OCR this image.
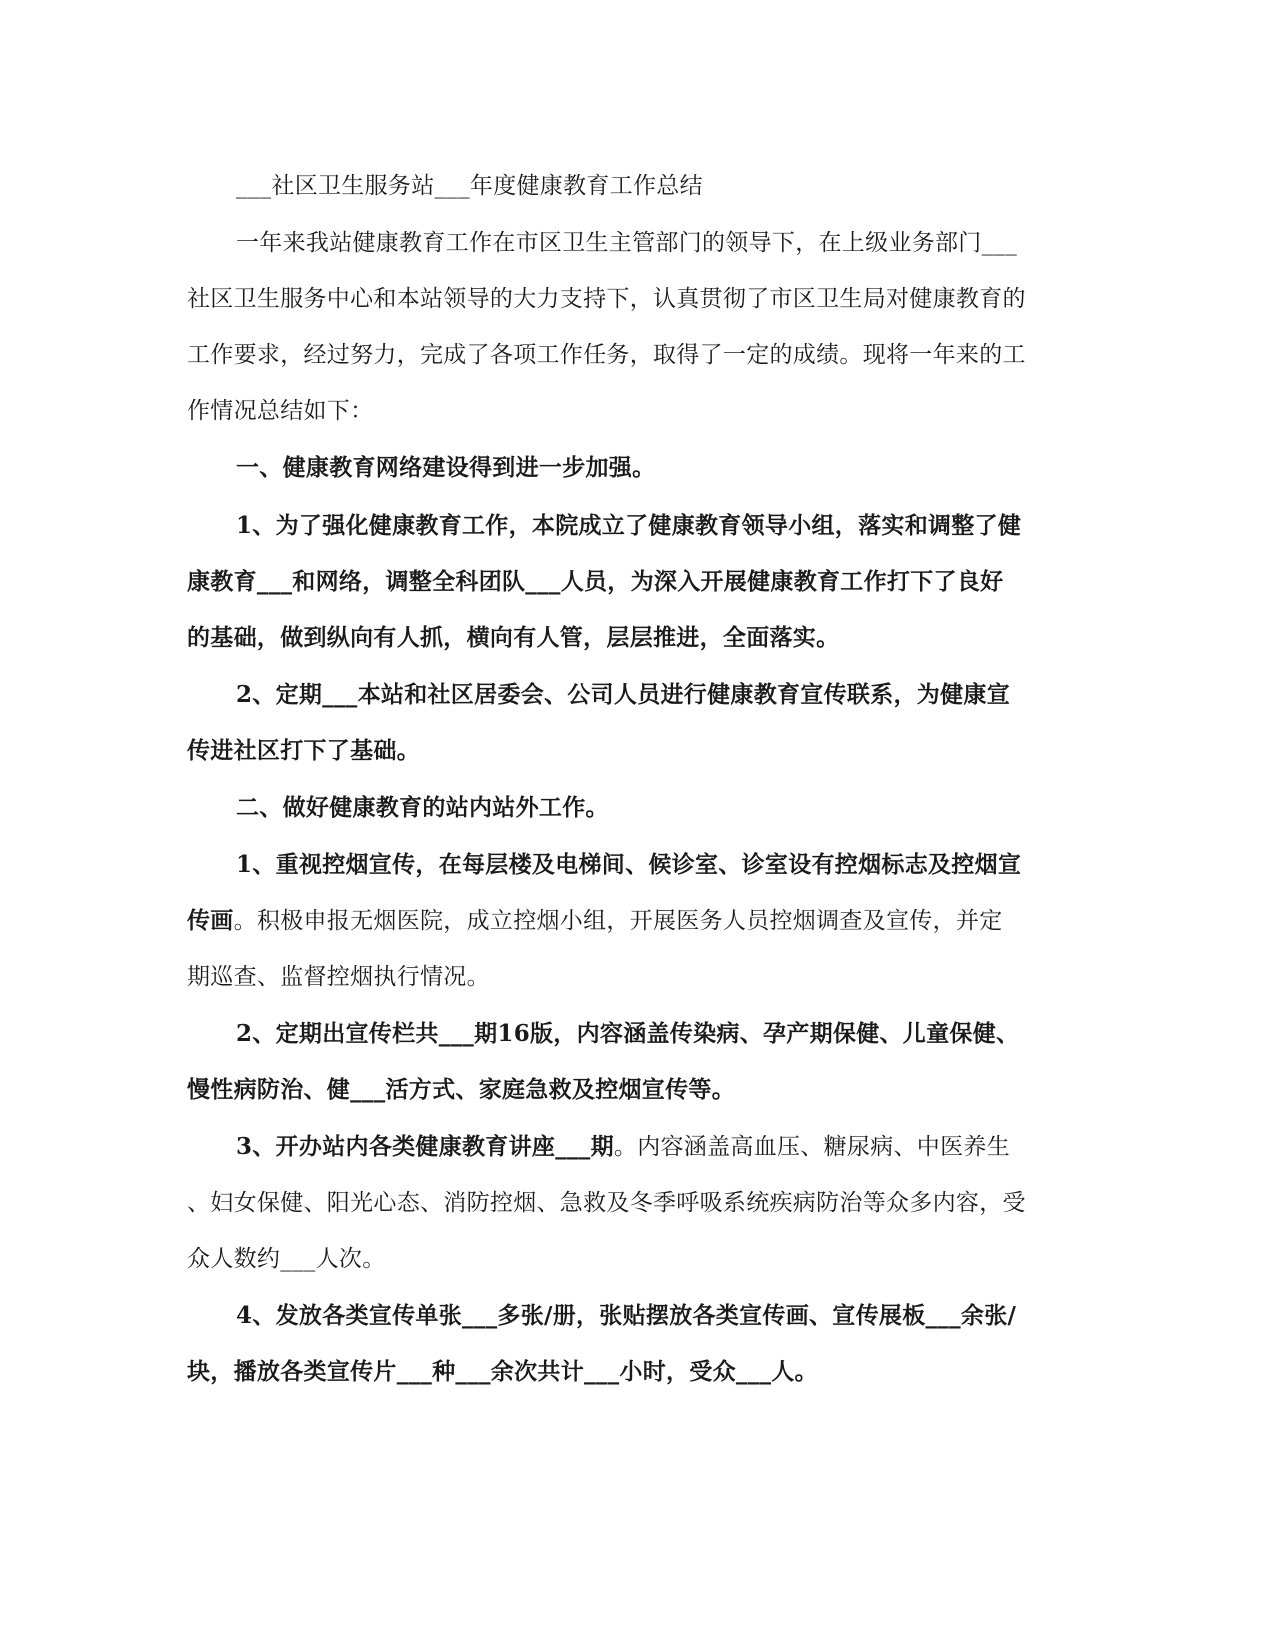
___社区卫生服务站___年度健康教育工作总结
一年来我站健康教育工作在市区卫生主管部门的领导下，在上级业务部门___
社区卫生服务中心和本站领导的大力支持下，认真贯彻了市区卫生局对健康教育的
工作要求，经过努力，完成了各项工作任务，取得了一定的成绩。现将一年来的工
作情况总结如下：
一、健康教育网络建设得到进一步加强。
1、为了强化健康教育工作，本院成立了健康教育领导小组，落实和调整了健
康教育___和网络，调整全科团队___人员，为深入开展健康教育工作打下了良好
的基础，做到纵向有人抓，横向有人管，层层推进，全面落实。
2、定期___本站和社区居委会、公司人员进行健康教育宣传联系，为健康宣
传进社区打下了基础。
二、做好健康教育的站内站外工作。
1、重视控烟宣传，在每层楼及电梯间、候诊室、诊室设有控烟标志及控烟宣
传画。积极申报无烟医院，成立控烟小组，开展医务人员控烟调查及宣传，并定
期巡查、监督控烟执行情况。
2、定期出宣传栏共___期16版，内容涵盖传染病、孕产期保健、儿童保健、
慢性病防治、健___活方式、家庭急救及控烟宣传等。
3、开办站内各类健康教育讲座___期。内容涵盖高血压、糖尿病、中医养生
、妇女保健、阳光心态、消防控烟、急救及冬季呼吸系统疾病防治等众多内容，受
众人数约___人次。
4、发放各类宣传单张___多张/册，张贴摆放各类宣传画、宣传展板___余张/
块，播放各类宣传片___种___余次共计___小时，受众___人。
